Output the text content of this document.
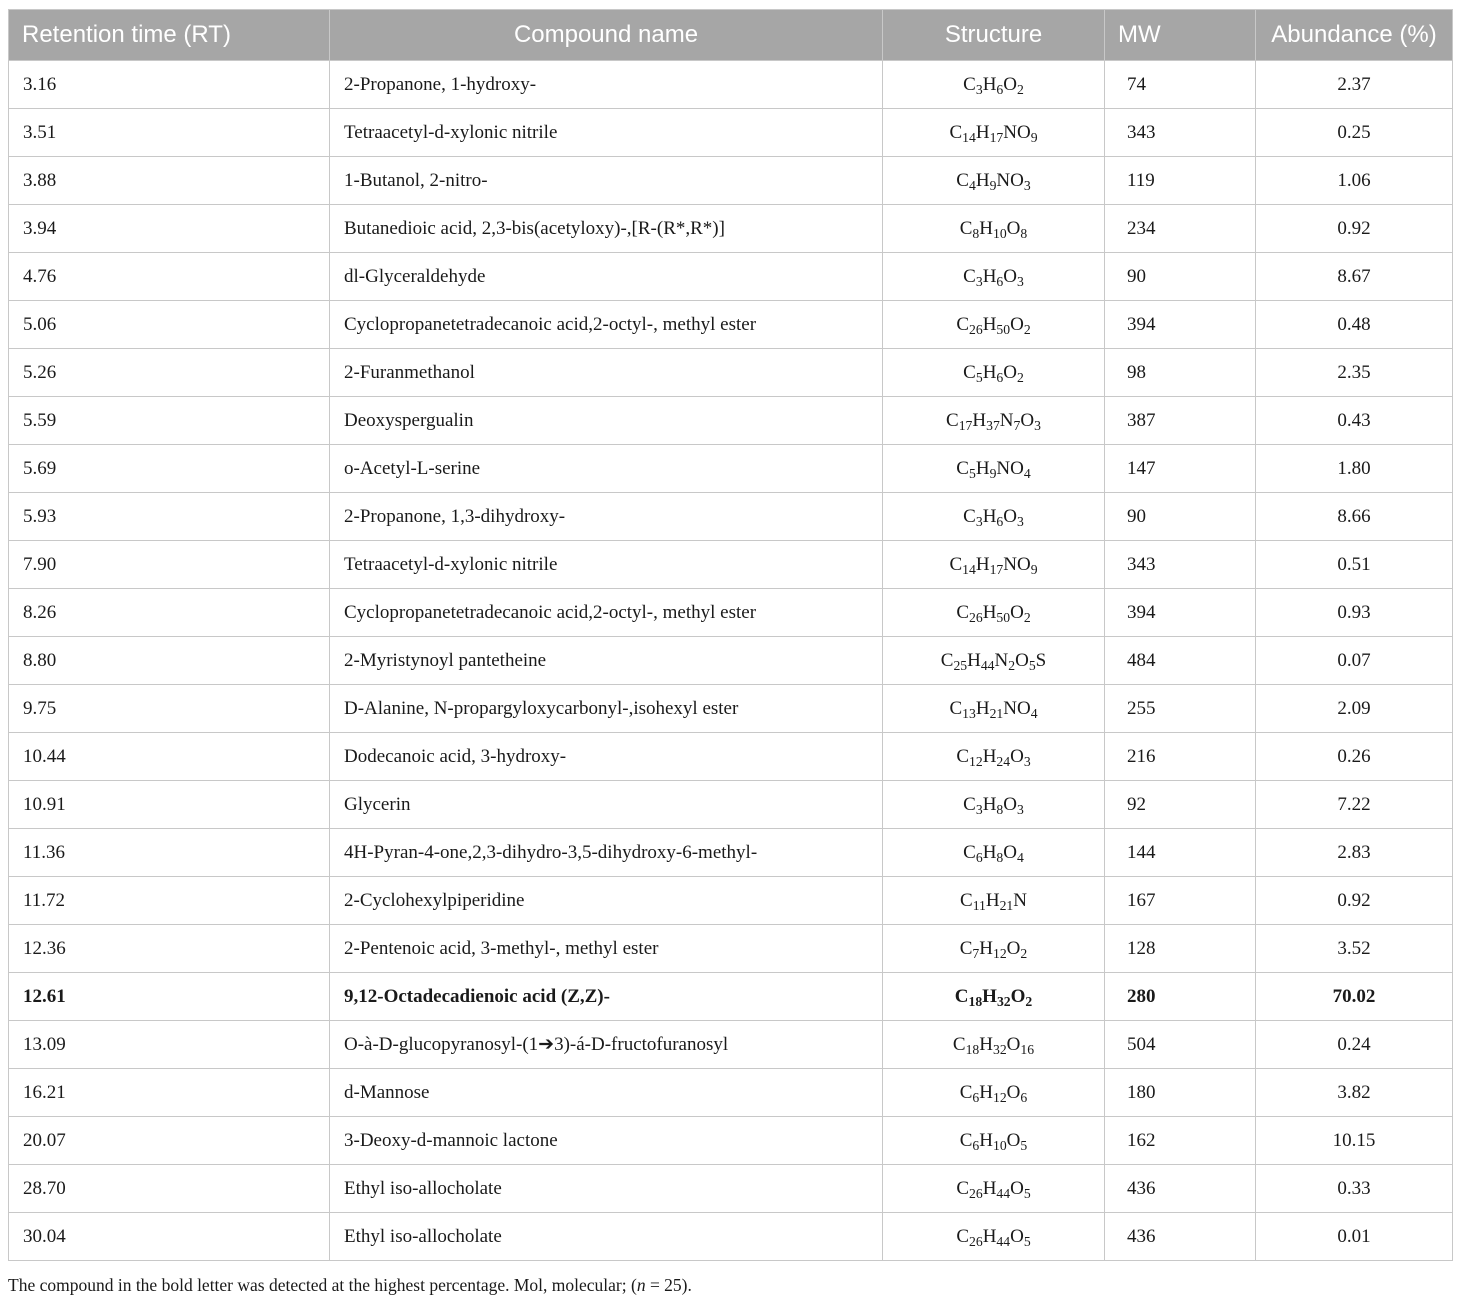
Retention time (RT)	Compound name	Structure	MW	Abundance (%)
3.16	2-Propanone, 1-hydroxy-	$C_3H_6O_2$	74	2.37
3.51	Tetraacetyl-d-xylonic nitrile	$C_{14}H_{17}NO_9$	343	0.25
3.88	1-Butanol, 2-nitro-	$C_4H_9NO_3$	119	1.06
3.94	Butanedioic acid, 2,3-bis(acetyloxy)-,[R-(R*,R*)]	$C_8H_{10}O_8$	234	0.92
4.76	dl-Glyceraldehyde	$C_3H_6O_3$	90	8.67
5.06	Cyclopropanetetradecanoic acid,2-octyl-, methyl ester	$C_{26}H_{50}O_2$	394	0.48
5.26	2-Furanmethanol	$C_5H_6O_2$	98	2.35
5.59	Deoxyspergualin	$C_{17}H_{37}N_7O_3$	387	0.43
5.69	o-Acetyl-L-serine	$C_5H_9NO_4$	147	1.80
5.93	2-Propanone, 1,3-dihydroxy-	$C_3H_6O_3$	90	8.66
7.90	Tetraacetyl-d-xylonic nitrile	$C_{14}H_{17}NO_9$	343	0.51
8.26	Cyclopropanetetradecanoic acid,2-octyl-, methyl ester	$C_{26}H_{50}O_2$	394	0.93
8.80	2-Myristynoyl pantetheine	$C_{25}H_{44}N_2O_5S$	484	0.07
9.75	D-Alanine, N-propargyloxycarbonyl-,isohexyl ester	$C_{13}H_{21}NO_4$	255	2.09
10.44	Dodecanoic acid, 3-hydroxy-	$C_{12}H_{24}O_3$	216	0.26
10.91	Glycerin	$C_3H_8O_3$	92	7.22
11.36	4H-Pyran-4-one,2,3-dihydro-3,5-dihydroxy-6-methyl-	$C_6H_8O_4$	144	2.83
11.72	2-Cyclohexylpiperidine	$C_{11}H_{21}N$	167	0.92
12.36	2-Pentenoic acid, 3-methyl-, methyl ester	$C_7H_{12}O_2$	128	3.52
12.61	9,12-Octadecadienoic acid (Z,Z)-	$C_{18}H_{32}O_2$	280	70.02
13.09	O-à-D-glucopyranosyl-(1➔3)-á-D-fructofuranosyl	$C_{18}H_{32}O_{16}$	504	0.24
16.21	d-Mannose	$C_6H_{12}O_6$	180	3.82
20.07	3-Deoxy-d-mannoic lactone	$C_6H_{10}O_5$	162	10.15
28.70	Ethyl iso-allocholate	$C_{26}H_{44}O_5$	436	0.33
30.04	Ethyl iso-allocholate	$C_{26}H_{44}O_5$	436	0.01
The compound in the bold letter was detected at the highest percentage. Mol, molecular; (n = 25).
